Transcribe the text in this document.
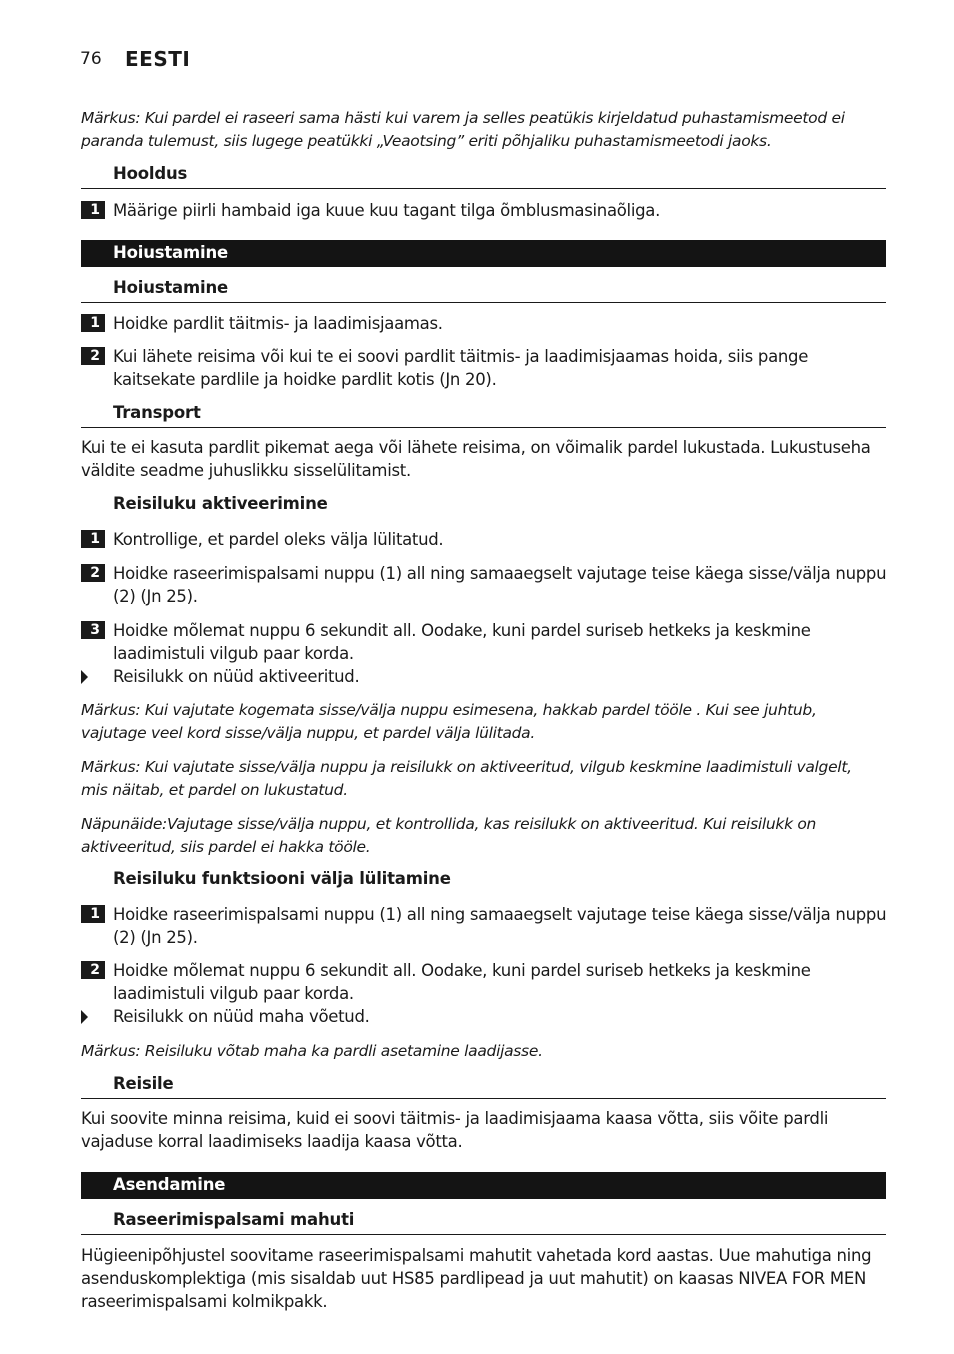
76 EESTI
Märkus: Kui pardel ei raseeri sama hästi kui varem ja selles peatükis kirjeldatud puhastamismeetod ei paranda tulemust, siis lugege peatükki „Veaotsing” eriti põhjaliku puhastamismeetodi jaoks.
Hooldus
1 Määrige piirli hambaid iga kuue kuu tagant tilga õmblusmasinaõliga.
Hoiustamine
Hoiustamine
1 Hoidke pardlit täitmis- ja laadimisjaamas.
2 Kui lähete reisima või kui te ei soovi pardlit täitmis- ja laadimisjaamas hoida, siis pange kaitsekate pardlile ja hoidke pardlit kotis (Jn 20).
Transport
Kui te ei kasuta pardlit pikemat aega või lähete reisima, on võimalik pardel lukustada. Lukustuseha väldite seadme juhuslikku sisselülitamist.
Reisiluku aktiveerimine
1 Kontrollige, et pardel oleks välja lülitatud.
2 Hoidke raseerimispalsami nuppu (1) all ning samaaegselt vajutage teise käega sisse/välja nuppu (2) (Jn 25).
3 Hoidke mõlemat nuppu 6 sekundit all. Oodake, kuni pardel suriseb hetkeks ja keskmine laadimistuli vilgub paar korda.
Reisilukk on nüüd aktiveeritud.
Märkus: Kui vajutate kogemata sisse/välja nuppu esimesena, hakkab pardel tööle . Kui see juhtub, vajutage veel kord sisse/välja nuppu, et pardel välja lülitada.
Märkus: Kui vajutate sisse/välja nuppu ja reisilukk on aktiveeritud, vilgub keskmine laadimistuli valgelt, mis näitab, et pardel on lukustatud.
Näpunäide:Vajutage sisse/välja nuppu, et kontrollida, kas reisilukk on aktiveeritud. Kui reisilukk on aktiveeritud, siis pardel ei hakka tööle.
Reisiluku funktsiooni välja lülitamine
1 Hoidke raseerimispalsami nuppu (1) all ning samaaegselt vajutage teise käega sisse/välja nuppu (2) (Jn 25).
2 Hoidke mõlemat nuppu 6 sekundit all. Oodake, kuni pardel suriseb hetkeks ja keskmine laadimistuli vilgub paar korda.
Reisilukk on nüüd maha võetud.
Märkus: Reisiluku võtab maha ka pardli asetamine laadijasse.
Reisile
Kui soovite minna reisima, kuid ei soovi täitmis- ja laadimisjaama kaasa võtta, siis võite pardli vajaduse korral laadimiseks laadija kaasa võtta.
Asendamine
Raseerimispalsami mahuti
Hügieenipõhjustel soovitame raseerimispalsami mahutit vahetada kord aastas. Uue mahutiga ning asenduskomplektiga (mis sisaldab uut HS85 pardlipead ja uut mahutit) on kaasas NIVEA FOR MEN raseerimispalsami kolmikpakk.
